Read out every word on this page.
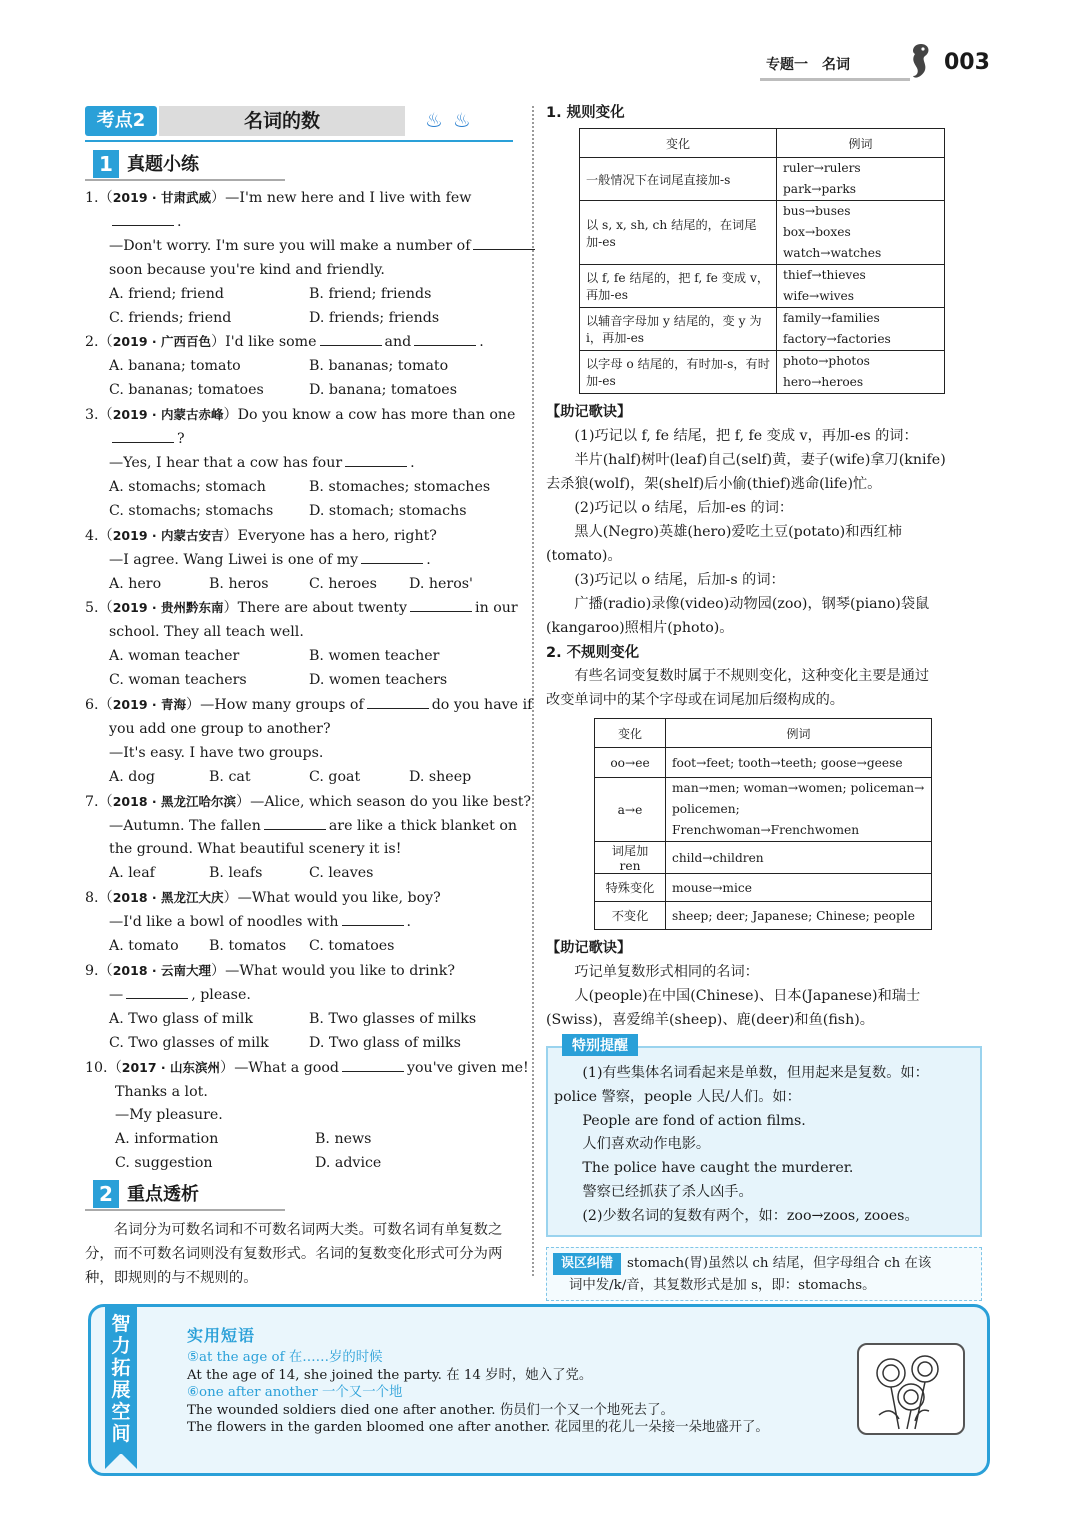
专题一　名词	003
考点2	名词的数	♨♨
1 真题小练
1.（2019 · 甘肃武威）—I'm new here and I live with few
.
—Don't worry. I'm sure you will make a number of
soon because you're kind and friendly.
A. friend; friend	B. friend; friends
C. friends; friend	D. friends; friends
2.（2019 · 广西百色）I'd like some	and	.
A. banana; tomato	B. bananas; tomato
C. bananas; tomatoes	D. banana; tomatoes
3.（2019 · 内蒙古赤峰）Do you know a cow has more than one
?
—Yes, I hear that a cow has four	.
A. stomachs; stomach	B. stomaches; stomaches
C. stomachs; stomachs	D. stomach; stomachs
4.（2019 · 内蒙古安吉）Everyone has a hero, right?
—I agree. Wang Liwei is one of my	.
A. hero	B. heros	C. heroes	D. heros'
5.（2019 · 贵州黔东南）There are about twenty	in our
school. They all teach well.
A. woman teacher	B. women teacher
C. woman teachers	D. women teachers
6.（2019 · 青海）—How many groups of	do you have if
you add one group to another?
—It's easy. I have two groups.
A. dog	B. cat	C. goat	D. sheep
7.（2018 · 黑龙江哈尔滨）—Alice, which season do you like best?
—Autumn. The fallen	are like a thick blanket on
the ground. What beautiful scenery it is!
A. leaf	B. leafs	C. leaves
8.（2018 · 黑龙江大庆）—What would you like, boy?
—I'd like a bowl of noodles with	.
A. tomato	B. tomatos	C. tomatoes
9.（2018 · 云南大理）—What would you like to drink?
—	, please.
A. Two glass of milk	B. Two glasses of milks
C. Two glasses of milk	D. Two glass of milks
10.（2017 · 山东滨州）—What a good	you've given me!
Thanks a lot.
—My pleasure.
A. information	B. news
C. suggestion	D. advice
2 重点透析

名词分为可数名词和不可数名词两大类。可数名词有单复数之分，而不可数名词则没有复数形式。名词的复数变化形式可分为两种，即规则的与不规则的。

1. 规则变化
变化	例词
一般情况下在词尾直接加-s	ruler→rulers
park→parks

以 s, x, sh, ch 结尾的，在词尾加-es	bus→buses
box→boxes
watch→watches

以 f, fe 结尾的，把 f, fe 变成 v，再加-es	thief→thieves
wife→wives

以辅音字母加 y 结尾的，变 y 为 i，再加-es	family→families
factory→factories

以字母 o 结尾的，有时加-s，有时加-es	photo→photos
hero→heroes
【助记歌诀】

(1)巧记以 f, fe 结尾，把 f, fe 变成 v，再加-es 的词：

半片(half)树叶(leaf)自己(self)黄，妻子(wife)拿刀(knife)

去杀狼(wolf)，架(shelf)后小偷(thief)逃命(life)忙。

(2)巧记以 o 结尾，后加-es 的词：

黑人(Negro)英雄(hero)爱吃土豆(potato)和西红柿

(tomato)。

(3)巧记以 o 结尾，后加-s 的词：

广播(radio)录像(video)动物园(zoo)，钢琴(piano)袋鼠

(kangaroo)照相片(photo)。

2. 不规则变化

有些名词变复数时属于不规则变化，这种变化主要是通过

改变单词中的某个字母或在词尾加后缀构成的。

变化	例词
oo→ee	foot→feet; tooth→teeth; goose→geese
a→e	man→men; woman→women; policeman→
policemen; Frenchwoman→Frenchwomen

词尾加 ren	child→children
特殊变化	mouse→mice
不变化	sheep; deer; Japanese; Chinese; people
【助记歌诀】

巧记单复数形式相同的名词：

人(people)在中国(Chinese)、日本(Japanese)和瑞士

(Swiss)，喜爱绵羊(sheep)、鹿(deer)和鱼(fish)。

特别提醒
(1)有些集体名词看起来是单数，但用起来是复数。如：
police 警察，people 人民/人们。如：
People are fond of action films.
人们喜欢动作电影。
The police have caught the murderer.
警察已经抓获了杀人凶手。
(2)少数名词的复数有两个，如：zoo→zoos, zooes。
误区纠错 stomach(胃)虽然以 ch 结尾，但字母组合 ch 在该
词中发/k/音，其复数形式是加 s，即：stomachs。
智力拓展空间
实用短语
⑤at the age of 在……岁的时候
At the age of 14, she joined the party. 在 14 岁时，她入了党。
⑥one after another 一个又一个地
The wounded soldiers died one after another. 伤员们一个又一个地死去了。
The flowers in the garden bloomed one after another. 花园里的花儿一朵接一朵地盛开了。
